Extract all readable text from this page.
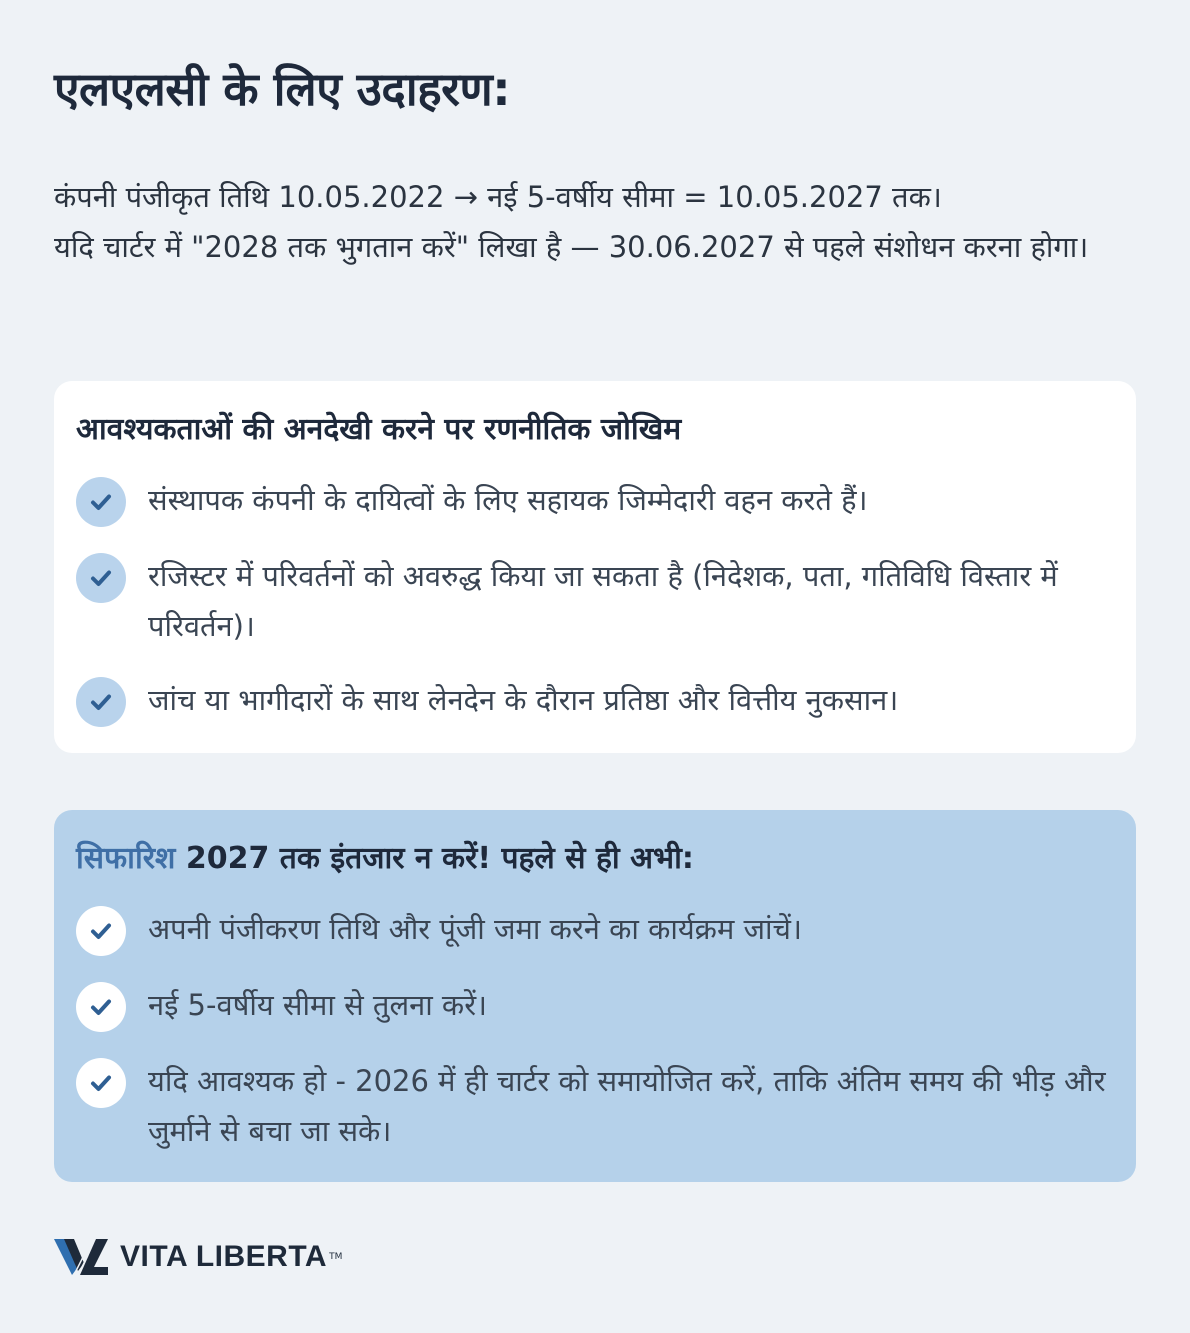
एलएलसी के लिए उदाहरण:

कंपनी पंजीकृत तिथि 10.05.2022 → नई 5-वर्षीय सीमा = 10.05.2027 तक।

यदि चार्टर में "2028 तक भुगतान करें" लिखा है — 30.06.2027 से पहले संशोधन करना होगा।

आवश्यकताओं की अनदेखी करने पर रणनीतिक जोखिम
संस्थापक कंपनी के दायित्वों के लिए सहायक जिम्मेदारी वहन करते हैं।
रजिस्टर में परिवर्तनों को अवरुद्ध किया जा सकता है (निदेशक, पता, गतिविधि विस्तार में परिवर्तन)।
जांच या भागीदारों के साथ लेनदेन के दौरान प्रतिष्ठा और वित्तीय नुकसान।
सिफारिश 2027 तक इंतजार न करें! पहले से ही अभी:
अपनी पंजीकरण तिथि और पूंजी जमा करने का कार्यक्रम जांचें।
नई 5-वर्षीय सीमा से तुलना करें।
यदि आवश्यक हो - 2026 में ही चार्टर को समायोजित करें, ताकि अंतिम समय की भीड़ और जुर्माने से बचा जा सके।
VITA LIBERTA TM
